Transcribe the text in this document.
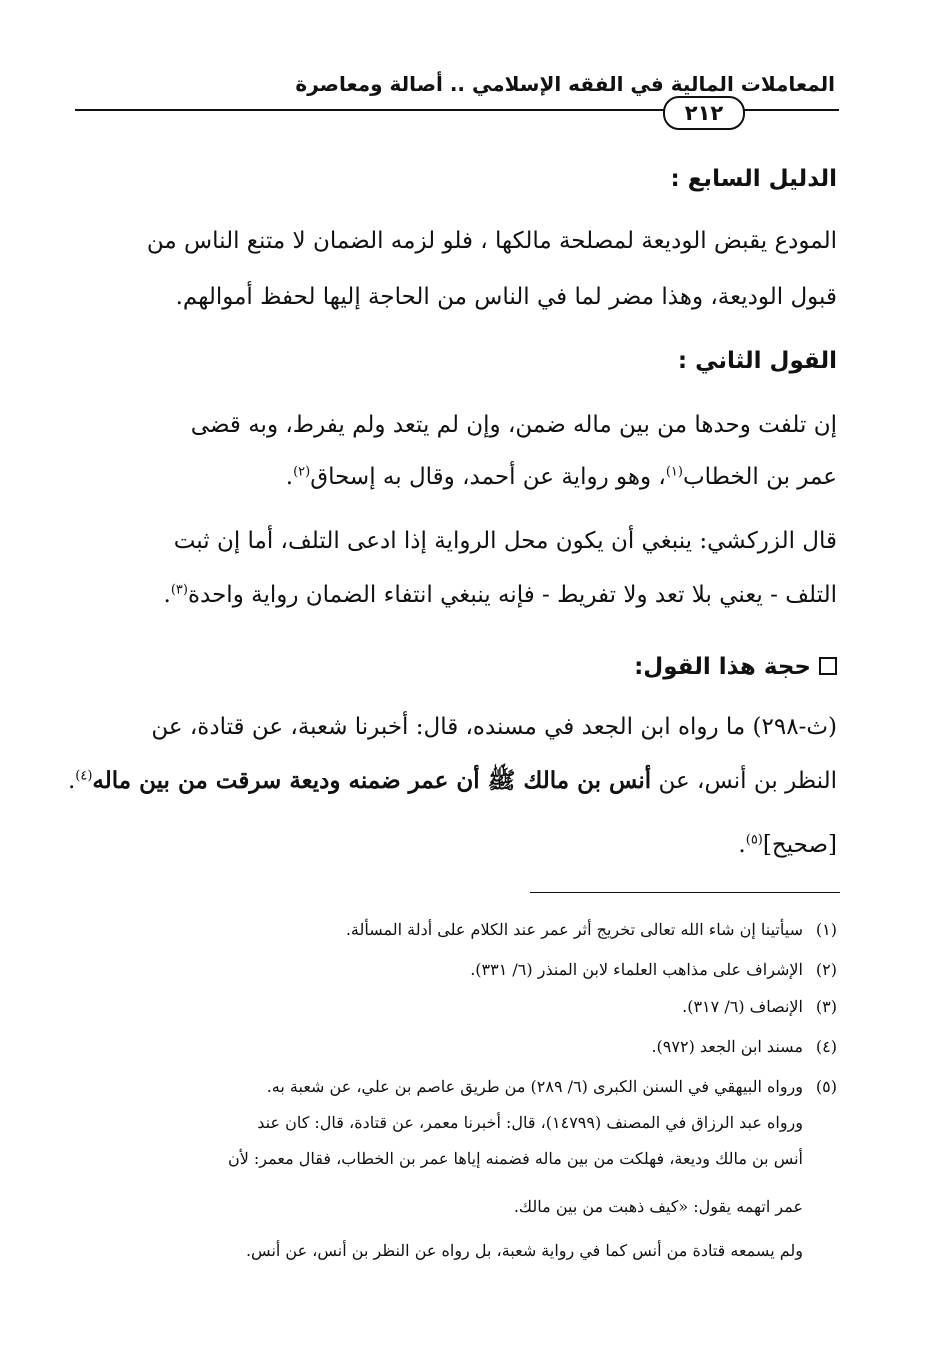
المعاملات المالية في الفقه الإسلامي .. أصالة ومعاصرة
٢١٢
الدليل السابع :
المودع يقبض الوديعة لمصلحة مالكها ، فلو لزمه الضمان لا متنع الناس من
قبول الوديعة، وهذا مضر لما في الناس من الحاجة إليها لحفظ أموالهم.
القول الثاني :
إن تلفت وحدها من بين ماله ضمن، وإن لم يتعد ولم يفرط، وبه قضى
عمر بن الخطاب$^{(١)}$، وهو رواية عن أحمد، وقال به إسحاق$^{(٢)}$.
قال الزركشي: ينبغي أن يكون محل الرواية إذا ادعى التلف، أما إن ثبت
التلف - يعني بلا تعد ولا تفريط - فإنه ينبغي انتفاء الضمان رواية واحدة$^{(٣)}$.
حجة هذا القول:
(ث-٢٩٨) ما رواه ابن الجعد في مسنده، قال: أخبرنا شعبة، عن قتادة، عن
النظر بن أنس، عن أنس بن مالك ﷺ أن عمر ضمنه وديعة سرقت من بين ماله$^{(٤)}$.
[صحيح]$^{(٥)}$.
(١)سيأتينا إن شاء الله تعالى تخريج أثر عمر عند الكلام على أدلة المسألة.
(٢)الإشراف على مذاهب العلماء لابن المنذر (٦/ ٣٣١).
(٣)الإنصاف (٦/ ٣١٧).
(٤)مسند ابن الجعد (٩٧٢).
(٥)ورواه البيهقي في السنن الكبرى (٦/ ٢٨٩) من طريق عاصم بن علي، عن شعبة به.
ورواه عبد الرزاق في المصنف (١٤٧٩٩)، قال: أخبرنا معمر، عن قتادة، قال: كان عند
أنس بن مالك وديعة، فهلكت من بين ماله فضمنه إياها عمر بن الخطاب، فقال معمر: لأن
عمر اتهمه يقول: «كيف ذهبت من بين مالك.
ولم يسمعه قتادة من أنس كما في رواية شعبة، بل رواه عن النظر بن أنس، عن أنس.
